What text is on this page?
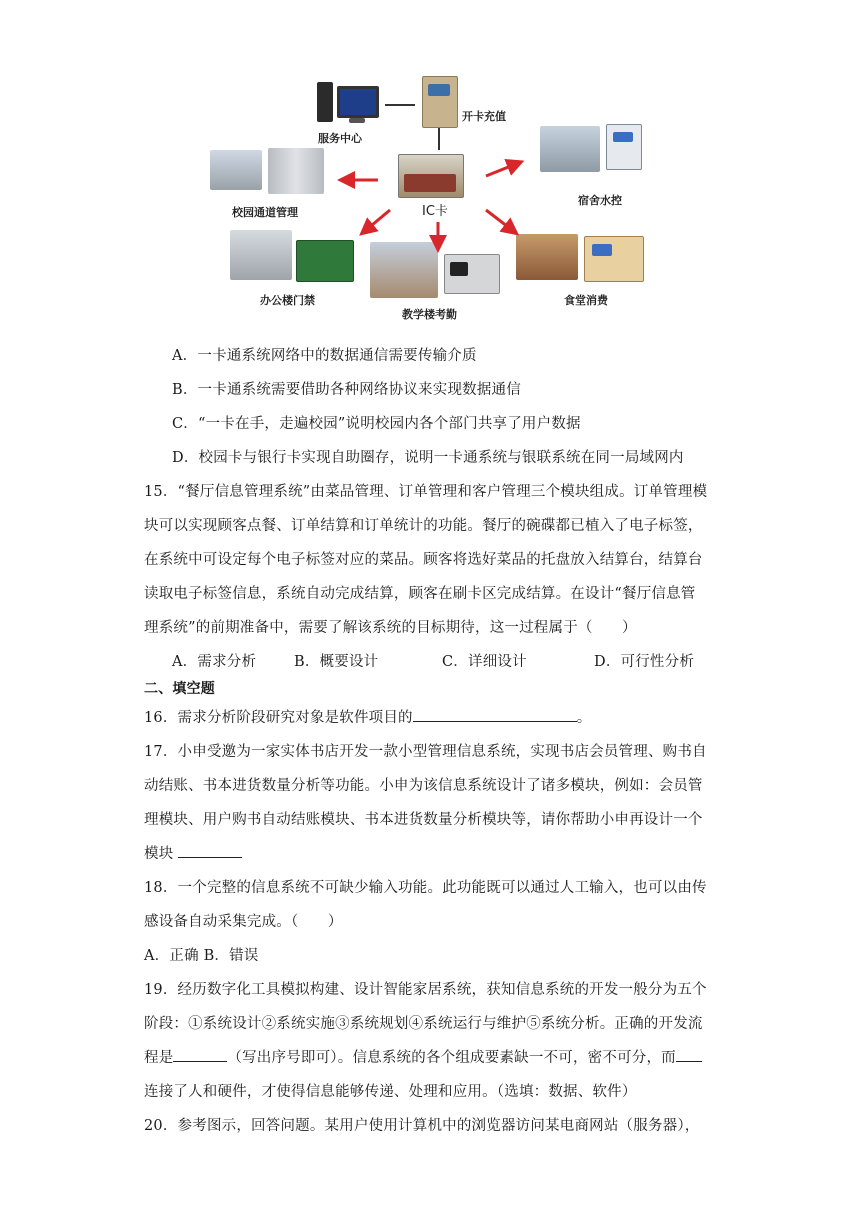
服务中心
开卡充值
IC卡
校园通道管理
宿舍水控
办公楼门禁
教学楼考勤
食堂消费
A．一卡通系统网络中的数据通信需要传输介质
B．一卡通系统需要借助各种网络协议来实现数据通信
C．“一卡在手，走遍校园”说明校园内各个部门共享了用户数据
D．校园卡与银行卡实现自助圈存，说明一卡通系统与银联系统在同一局域网内
15．“餐厅信息管理系统”由菜品管理、订单管理和客户管理三个模块组成。订单管理模
块可以实现顾客点餐、订单结算和订单统计的功能。餐厅的碗碟都已植入了电子标签，
在系统中可设定每个电子标签对应的菜品。顾客将选好菜品的托盘放入结算台，结算台
读取电子标签信息，系统自动完成结算，顾客在刷卡区完成结算。在设计“餐厅信息管
理系统”的前期准备中，需要了解该系统的目标期待，这一过程属于（　　）
A．需求分析	B．概要设计	C．详细设计	D．可行性分析
二、填空题
16．需求分析阶段研究对象是软件项目的	。
17．小申受邀为一家实体书店开发一款小型管理信息系统，实现书店会员管理、购书自
动结账、书本进货数量分析等功能。小申为该信息系统设计了诸多模块，例如：会员管
理模块、用户购书自动结账模块、书本进货数量分析模块等，请你帮助小申再设计一个
模块
18．一个完整的信息系统不可缺少输入功能。此功能既可以通过人工输入，也可以由传
感设备自动采集完成。（　　）
A．正确 B．错误
19．经历数字化工具模拟构建、设计智能家居系统，获知信息系统的开发一般分为五个
阶段：①系统设计②系统实施③系统规划④系统运行与维护⑤系统分析。正确的开发流
程是	（写出序号即可）。信息系统的各个组成要素缺一不可，密不可分，而
连接了人和硬件，才使得信息能够传递、处理和应用。（选填：数据、软件）
20．参考图示，回答问题。某用户使用计算机中的浏览器访问某电商网站（服务器），
